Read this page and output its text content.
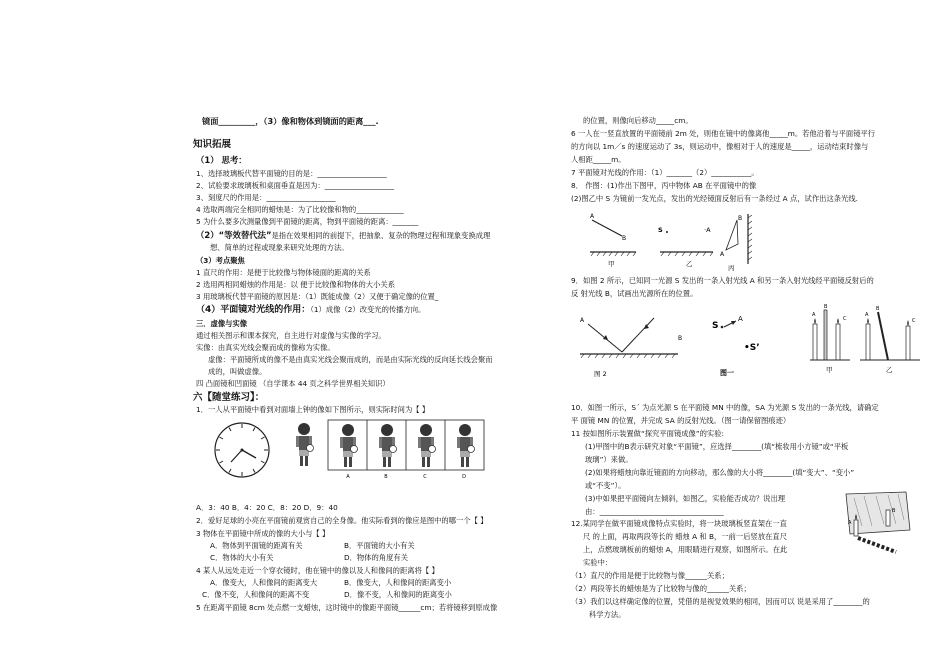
镜面_________，（3）像和物体到镜面的距离___.
知识拓展
（1） 思考：
1、选择玻璃板代替平面镜的目的是：___________________
2、试验要求玻璃板和桌面垂直是因为：___________________
3、刻度尺的作用是：___________________
4 选取两端完全相同的蜡烛是：为了比较像和物的_____________
5 为什么要多次测量像到平面镜的距离，物到平面镜的距离：_______
（2）“等效替代法”是指在效果相同的前提下，把抽象、复杂的物理过程和现象变换成理
想、简单的过程或现象来研究处理的方法。
（3）考点聚焦
1 直尺的作用：是便于比较像与物体镜面的距离的关系
2 选用两相同蜡烛的作用是：以 便于比较像和物体的大小关系
3 用玻璃板代替平面镜的原因是：（1）既能成像（2）又便于确定像的位置_
（4）平面镜对光线的作用：（1）成像（2）改变光的传播方向。
三．虚像与实像
通过相关图示和课本探究，自主进行对虚像与实像的学习。
实像：由真实光线会聚而成的像称为实像。
虚像：平面镜所成的像不是由真实光线会聚而成的，而是由实际光线的反向延长线会聚而
成的，叫做虚像。
四 凸面镜和凹面镜 （自学课本 44 页之科学世界相关知识）
六【随堂练习】：
1．一人从平面镜中看到对面墙上钟的像如下图所示，则实际时间为【 】
A	B	C	D
A．3：40 B．4：20 C．8：20 D．9：40
2．爱好足球的小亮在平面镜前观赏自己的全身像。他实际看到的像应是图中的哪一个【 】
3 物体在平面镜中所成的像的大小与【 】
A．物体到平面镜的距离有关	B．平面镜的大小有关
C．物体的大小有关	D．物体的角度有关
4 某人从远处走近一个穿衣镜时，他在镜中的像以及人和像间的距离将【 】
A．像变大，人和像间的距离变大	B．像变大，人和像间的距离变小
C．像不变，人和像间的距离不变	D．像不变，人和像间的距离变小
5 在距离平面镜 8cm 处点燃一支蜡烛，这时镜中的像距平面镜______cm；若将镜移到原成像
的位置，则像向后移动_____cm。
6 一人在一竖直放置的平面镜前 2m 处，则他在镜中的像离他_____m。若他沿着与平面镜平行
的方向以 1m／s 的速度运动了 3s，则运动中，像相对于人的速度是_____，运动结束时像与
人相距_____m。
7 平面镜对光线的作用：（1）_______（2）___________。
8． 作图：(1)作出下图甲，丙中物体 AB 在平面镜中的像
(2)图乙中 S 为镜前一发光点，发出的光经镜面反射后有一条经过 A 点，试作出这条光线.
A
B
甲
S	·A
乙
B
A
丙
9．如图 2 所示，已知同一光源 S 发出的一条入射光线 A 和另一条入射光线经平面镜反射后的
反 射光线 B，试画出光源所在的位置。
A
B
图 2
S
A
•S’
图一
A
B
C
甲
A
B
C
乙
10．如图一所示，S´ 为点光源 S 在平面镜 MN 中的像，SA 为光源 S 发出的一条光线，请确定
平 面镜 MN 的位置，并完成 SA 的反射光线。（图一请保留图痕迹）
11 按如图所示装置做“探究平面镜成像”的实验:
(1)甲图中的B表示研究对象“平面镜”，应选择________(填“梳妆用小方镜”或“平板
玻璃”）来做。
(2)如果将蜡烛向靠近镜面的方向移动，那么像的大小将________(填“变大”、“变小”
或“不变”）。
(3)中如果把平面镜向左倾斜，如图乙，实验能否成功？说出理
由：__________________________________
12.某同学在做平面镜成像特点实验时，将一块玻璃板竖直架在一直
尺 的上面，再取两段等长的 蜡烛 A 和 B，一前一后竖放在直尺
上，点燃玻璃板前的蜡烛 A，用眼睛进行观察，如图所示。在此
实验中：
A
B
（1）直尺的作用是便于比较物与像______关系；
（2）两段等长的蜡烛是为了比较物与像的______关系；
（3）我们以这样确定像的位置，凭借的是视觉效果的相同，因而可以 说是采用了________的
科学方法。
